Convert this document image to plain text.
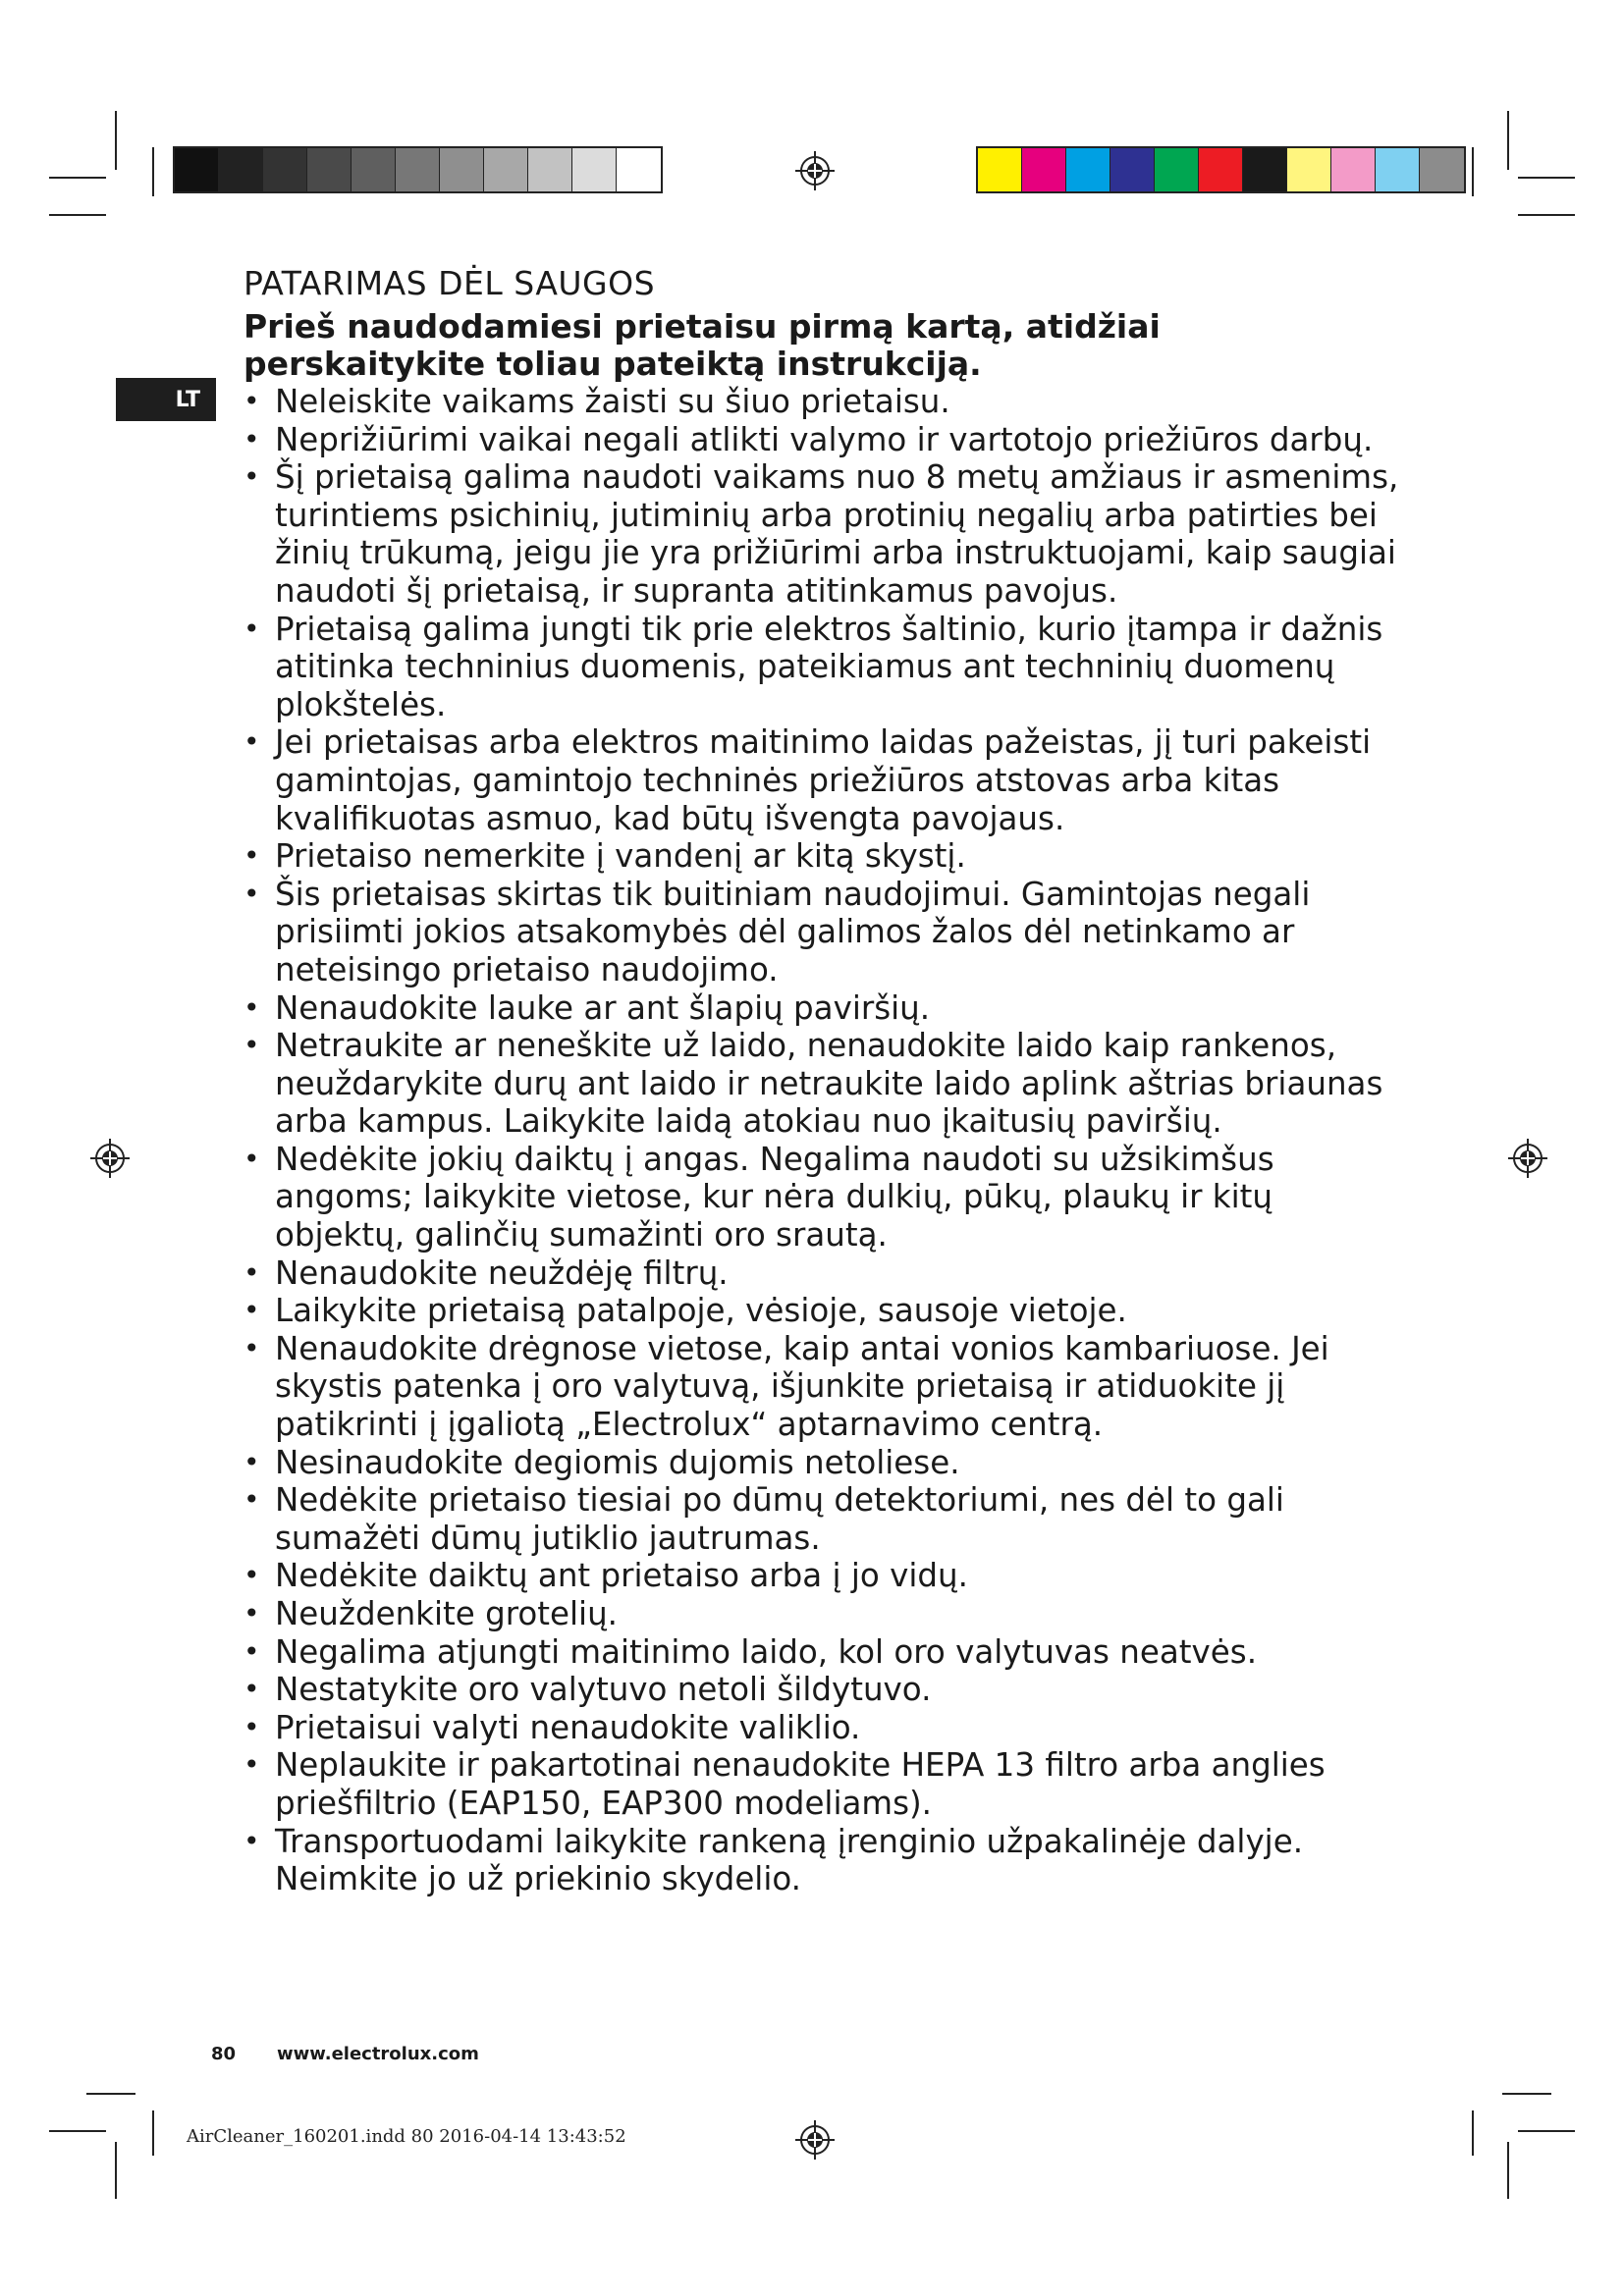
LT
PATARIMAS DĖL SAUGOS

Prieš naudodamiesi prietaisu pirmą kartą, atidžiai perskaitykite toliau pateiktą instrukciją.

• Neleiskite vaikams žaisti su šiuo prietaisu.
• Neprižiūrimi vaikai negali atlikti valymo ir vartotojo priežiūros darbų.
• Šį prietaisą galima naudoti vaikams nuo 8 metų amžiaus ir asmenims, turintiems psichinių, jutiminių arba protinių negalių arba patirties bei žinių trūkumą, jeigu jie yra prižiūrimi arba instruktuojami, kaip saugiai naudoti šį prietaisą, ir supranta atitinkamus pavojus.
• Prietaisą galima jungti tik prie elektros šaltinio, kurio įtampa ir dažnis atitinka techninius duomenis, pateikiamus ant techninių duomenų plokštelės.
• Jei prietaisas arba elektros maitinimo laidas pažeistas, jį turi pakeisti gamintojas, gamintojo techninės priežiūros atstovas arba kitas kvalifikuotas asmuo, kad būtų išvengta pavojaus.
• Prietaiso nemerkite į vandenį ar kitą skystį.
• Šis prietaisas skirtas tik buitiniam naudojimui. Gamintojas negali prisiimti jokios atsakomybės dėl galimos žalos dėl netinkamo ar neteisingo prietaiso naudojimo.
• Nenaudokite lauke ar ant šlapių paviršių.
• Netraukite ar neneškite už laido, nenaudokite laido kaip rankenos, neuždarykite durų ant laido ir netraukite laido aplink aštrias briaunas arba kampus. Laikykite laidą atokiau nuo įkaitusių paviršių.
• Nedėkite jokių daiktų į angas. Negalima naudoti su užsikimšus angoms; laikykite vietose, kur nėra dulkių, pūkų, plaukų ir kitų objektų, galinčių sumažinti oro srautą.
• Nenaudokite neuždėję filtrų.
• Laikykite prietaisą patalpoje, vėsioje, sausoje vietoje.
• Nenaudokite drėgnose vietose, kaip antai vonios kambariuose. Jei skystis patenka į oro valytuvą, išjunkite prietaisą ir atiduokite jį patikrinti į įgaliotą „Electrolux“ aptarnavimo centrą.
• Nesinaudokite degiomis dujomis netoliese.
• Nedėkite prietaiso tiesiai po dūmų detektoriumi, nes dėl to gali sumažėti dūmų jutiklio jautrumas.
• Nedėkite daiktų ant prietaiso arba į jo vidų.
• Neuždenkite grotelių.
• Negalima atjungti maitinimo laido, kol oro valytuvas neatvės.
• Nestatykite oro valytuvo netoli šildytuvo.
• Prietaisui valyti nenaudokite valiklio.
• Neplaukite ir pakartotinai nenaudokite HEPA 13 filtro arba anglies priešfiltrio (EAP150, EAP300 modeliams).
• Transportuodami laikykite rankeną įrenginio užpakalinėje dalyje. Neimkite jo už priekinio skydelio.
80 www.electrolux.com
AirCleaner_160201.indd 80 2016-04-14 13:43:52
